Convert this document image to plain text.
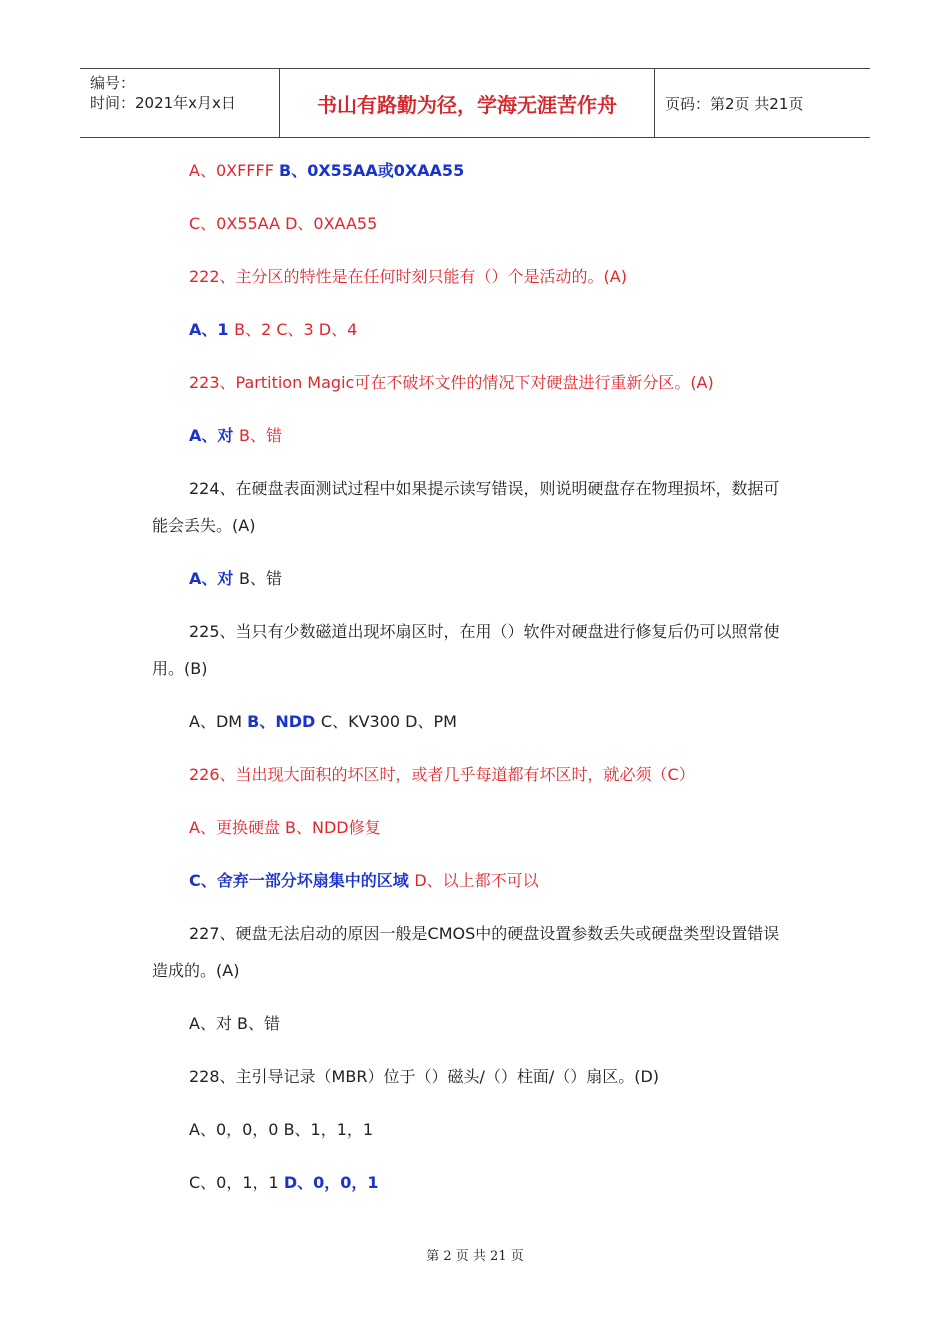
编号：
时间：2021年x月x日	书山有路勤为径，学海无涯苦作舟	页码：第2页 共21页

A、0XFFFF B、0X55AA或0XAA55

C、0X55AA D、0XAA55

222、主分区的特性是在任何时刻只能有（）个是活动的。(A)

A、1 B、2 C、3 D、4

223、Partition Magic可在不破坏文件的情况下对硬盘进行重新分区。(A)

A、对 B、错

224、在硬盘表面测试过程中如果提示读写错误，则说明硬盘存在物理损坏，数据可能会丢失。(A)

A、对 B、错

225、当只有少数磁道出现坏扇区时，在用（）软件对硬盘进行修复后仍可以照常使用。(B)

A、DM B、NDD C、KV300 D、PM

226、当出现大面积的坏区时，或者几乎每道都有坏区时，就必须（C）

A、更换硬盘 B、NDD修复

C、舍弃一部分坏扇集中的区域 D、以上都不可以

227、硬盘无法启动的原因一般是CMOS中的硬盘设置参数丢失或硬盘类型设置错误造成的。(A)

A、对 B、错

228、主引导记录（MBR）位于（）磁头/（）柱面/（）扇区。(D)

A、0，0，0 B、1，1，1

C、0，1，1 D、0，0，1

第 2 页 共 21 页
